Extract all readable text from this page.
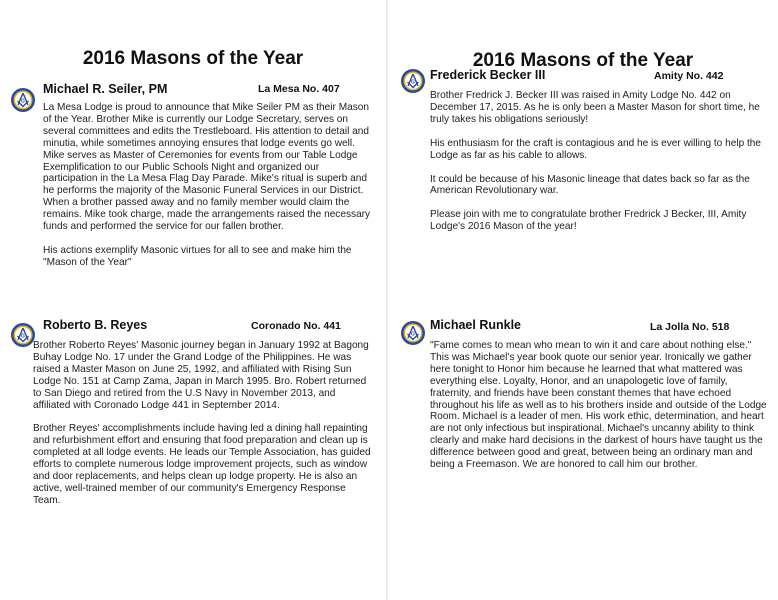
2016 Masons of the Year
G
Michael R. Seiler, PM	La Mesa No. 407

La Mesa Lodge is proud to announce that Mike Seiler PM as their Mason of the Year. Brother Mike is currently our Lodge Secretary, serves on several committees and edits the Trestleboard. His attention to detail and minutia, while sometimes annoying ensures that lodge events go well. Mike serves as Master of Ceremonies for events from our Table Lodge Exemplification to our Public Schools Night and organized our participation in the La Mesa Flag Day Parade. Mike's ritual is superb and he performs the majority of the Masonic Funeral Services in our District. When a brother passed away and no family member would claim the remains. Mike took charge, made the arrangements raised the necessary funds and performed the service for our fallen brother.

His actions exemplify Masonic virtues for all to see and make him the "Mason of the Year"

G
Roberto B. Reyes	Coronado No. 441

Brother Roberto Reyes' Masonic journey began in January 1992 at Bagong Buhay Lodge No. 17 under the Grand Lodge of the Philippines. He was raised a Master Mason on June 25, 1992, and affiliated with Rising Sun Lodge No. 151 at Camp Zama, Japan in March 1995. Bro. Robert returned to San Diego and retired from the U.S Navy in November 2013, and affiliated with Coronado Lodge 441 in September 2014.

Brother Reyes' accomplishments include having led a dining hall repainting and refurbishment effort and ensuring that food preparation and clean up is completed at all lodge events. He leads our Temple Association, has guided efforts to complete numerous lodge improvement projects, such as window and door replacements, and helps clean up lodge property. He is also an active, well-trained member of our community's Emergency Response Team.

2016 Masons of the Year
G
Frederick Becker III	Amity No. 442

Brother Fredrick J. Becker III was raised in Amity Lodge No. 442 on December 17, 2015. As he is only been a Master Mason for short time, he truly takes his obligations seriously!

His enthusiasm for the craft is contagious and he is ever willing to help the Lodge as far as his cable to allows.

It could be because of his Masonic lineage that dates back so far as the American Revolutionary war.

Please join with me to congratulate brother Fredrick J Becker, III, Amity Lodge's 2016 Mason of the year!

G
Michael Runkle	La Jolla No. 518

"Fame comes to mean who mean to win it and care about nothing else." This was Michael's year book quote our senior year. Ironically we gather here tonight to Honor him because he learned that what mattered was everything else. Loyalty, Honor, and an unapologetic love of family, fraternity, and friends have been constant themes that have echoed throughout his life as well as to his brothers inside and outside of the Lodge Room. Michael is a leader of men. His work ethic, determination, and heart are not only infectious but inspirational. Michael's uncanny ability to think clearly and make hard decisions in the darkest of hours have taught us the difference between good and great, between being an ordinary man and being a Freemason. We are honored to call him our brother.
